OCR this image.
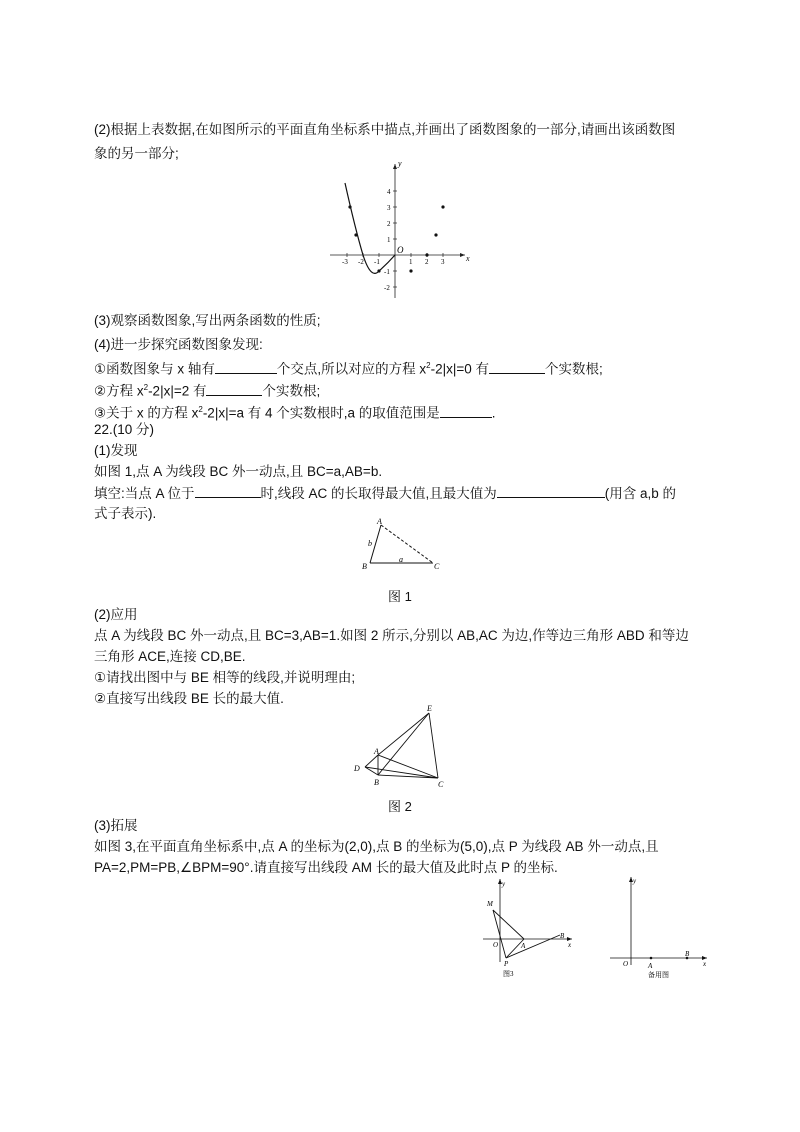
(2)根据上表数据,在如图所示的平面直角坐标系中描点,并画出了函数图象的一部分,请画出该函数图
象的另一部分;
x
y
O
-3 -2 -1	1 2 3
4
3
2
1
-1
-2
(3)观察函数图象,写出两条函数的性质;
(4)进一步探究函数图象发现:
①函数图象与 x 轴有	个交点,所以对应的方程 $x^2-2|x|=0$ 有	个实数根;
②方程 $x^2-2|x|=2$ 有	个实数根;
③关于 x 的方程 $x^2-2|x|=a$ 有 4 个实数根时,a 的取值范围是	.
22.(10 分)
(1)发现
如图 1,点 A 为线段 BC 外一动点,且 BC=a,AB=b.
填空:当点 A 位于	时,线段 AC 的长取得最大值,且最大值为	(用含 a,b 的
式子表示).
A
B	C
a
b
图 1
(2)应用
点 A 为线段 BC 外一动点,且 BC=3,AB=1.如图 2 所示,分别以 AB,AC 为边,作等边三角形 ABD 和等边
三角形 ACE,连接 CD,BE.
①请找出图中与 BE 相等的线段,并说明理由;
②直接写出线段 BE 长的最大值.
E
A
D
B	C
图 2
(3)拓展
如图 3,在平面直角坐标系中,点 A 的坐标为(2,0),点 B 的坐标为(5,0),点 P 为线段 AB 外一动点,且
PA=2,PM=PB,∠BPM=90°.请直接写出线段 AM 长的最大值及此时点 P 的坐标.
y
M
O	A
B
x
P
图3
y
O	A
B
x
备用图
